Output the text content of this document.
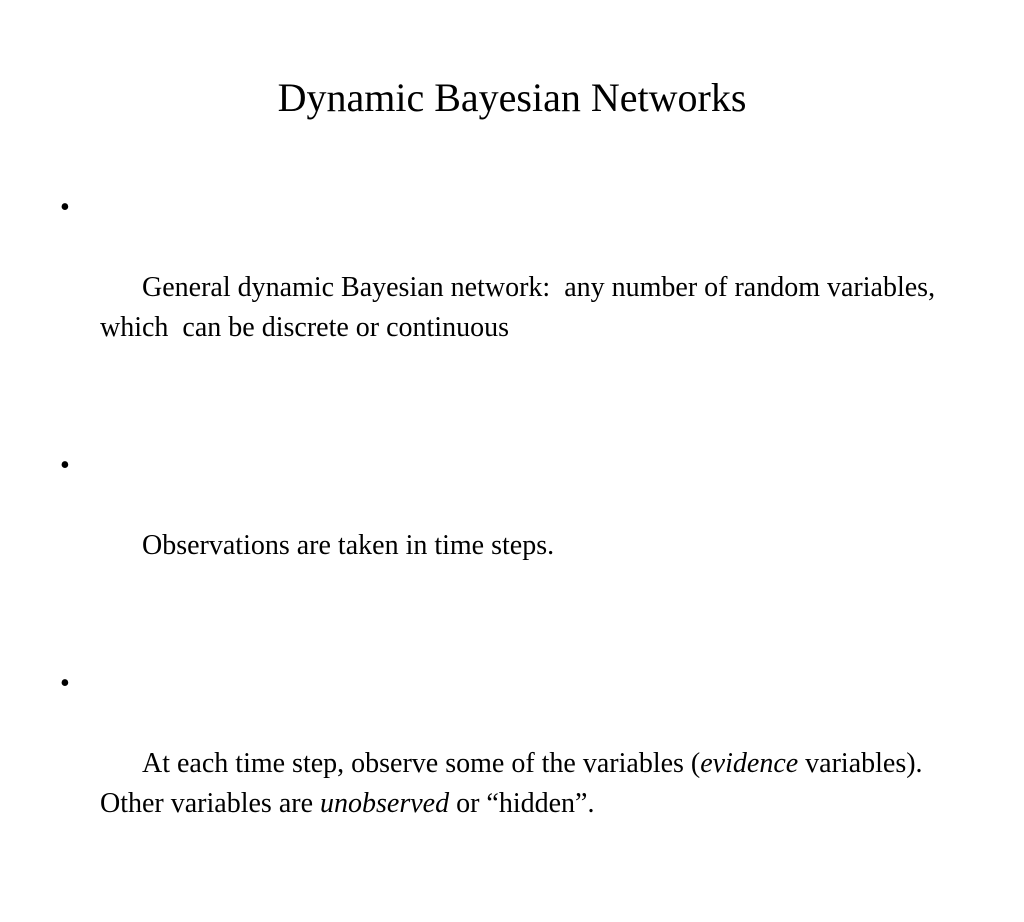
Dynamic Bayesian Networks

•

General dynamic Bayesian network:  any number of random variables, which  can be discrete or continuous

•

Observations are taken in time steps.

•

At each time step, observe some of the variables (evidence variables).  Other variables are unobserved or “hidden”.
